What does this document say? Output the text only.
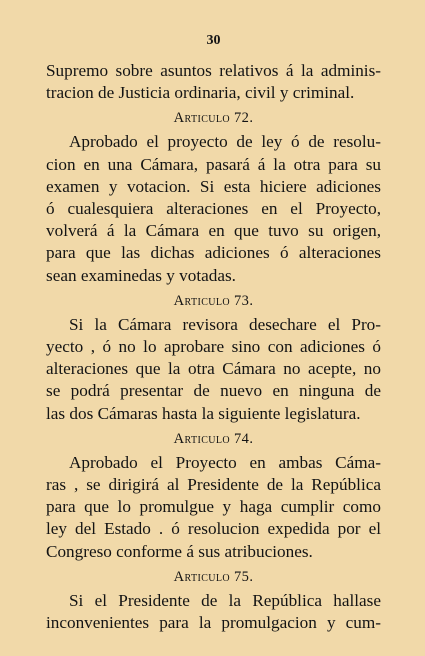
30
Supremo sobre asuntos relativos á la adminis-
tracion de Justicia ordinaria, civil y criminal.
Articulo 72.
Aprobado el proyecto de ley ó de resolu-
cion en una Cámara, pasará á la otra para su
examen y votacion. Si esta hiciere adiciones
ó cualesquiera alteraciones en el Proyecto,
volverá á la Cámara en que tuvo su origen,
para que las dichas adiciones ó alteraciones
sean examinedas y votadas.
Articulo 73.
Si la Cámara revisora desechare el Pro-
yecto , ó no lo aprobare sino con adiciones ó
alteraciones que la otra Cámara no acepte, no
se podrá presentar de nuevo en ninguna de
las dos Cámaras hasta la siguiente legislatura.
Articulo 74.
Aprobado el Proyecto en ambas Cáma-
ras , se dirigirá al Presidente de la República
para que lo promulgue y haga cumplir como
ley del Estado . ó resolucion expedida por el
Congreso conforme á sus atribuciones.
Articulo 75.
Si el Presidente de la República hallase
inconvenientes para la promulgacion y cum-
